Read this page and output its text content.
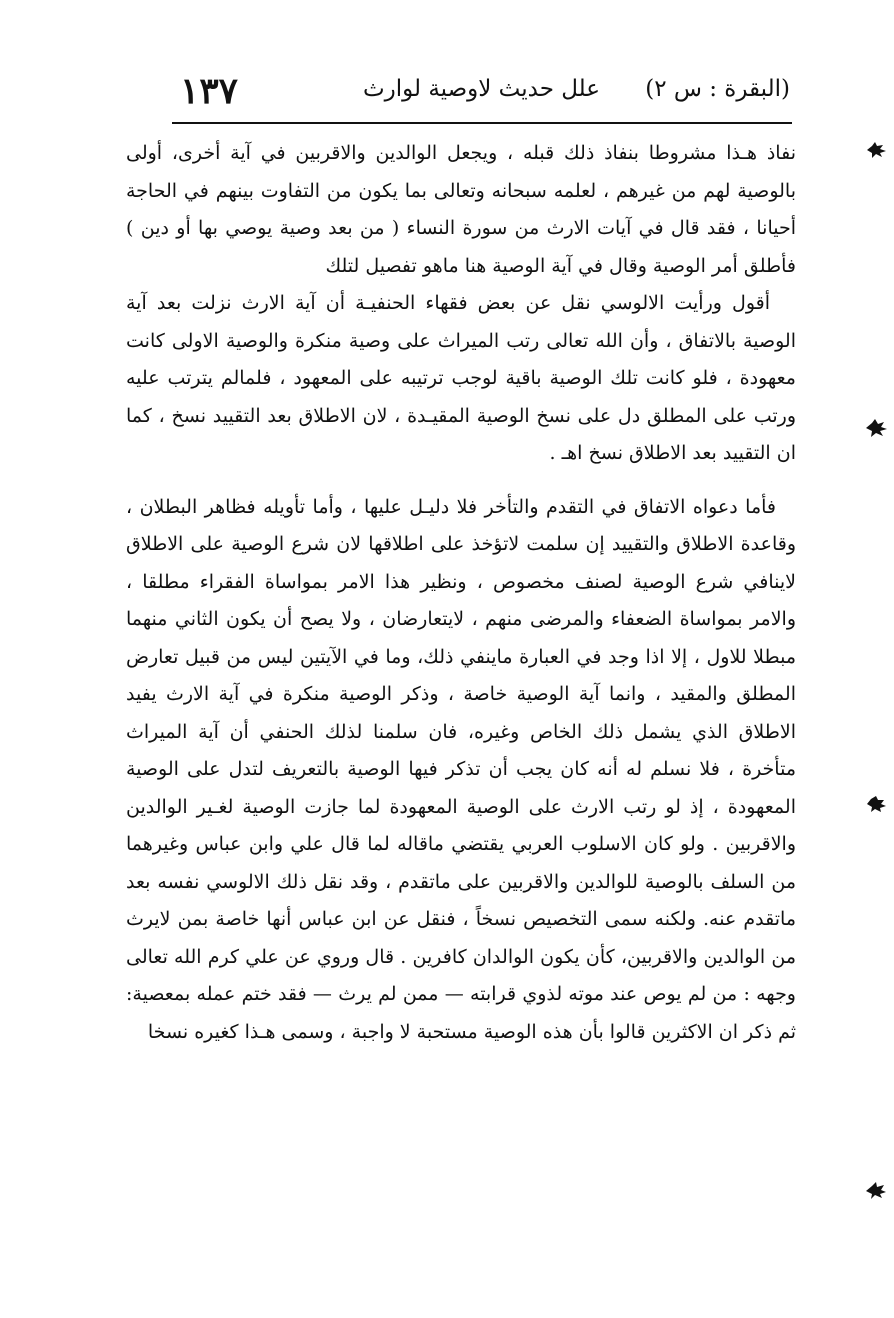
(البقرة : س ٢)
علل حديث لاوصية لوارث
١٣٧

نفاذ هـذا مشروطا بنفاذ ذلك قبله ، ويجعل الوالدين والاقربين في آية أخرى، أولى بالوصية لهم من غيرهم ، لعلمه سبحانه وتعالى بما يكون من التفاوت بينهم في الحاجة أحيانا ، فقد قال في آيات الارث من سورة النساء ( من بعد وصية يوصي بها أو دين ) فأطلق أمر الوصية وقال في آية الوصية هنا ماهو تفصيل لتلك

أقول ورأيت الالوسي نقل عن بعض فقهاء الحنفيـة أن آية الارث نزلت بعد آية الوصية بالاتفاق ، وأن الله تعالى رتب الميراث على وصية منكرة والوصية الاولى كانت معهودة ، فلو كانت تلك الوصية باقية لوجب ترتيبه على المعهود ، فلمالم يترتب عليه ورتب على المطلق دل على نسخ الوصية المقيـدة ، لان الاطلاق بعد التقييد نسخ ، كما ان التقييد بعد الاطلاق نسخ اهـ .

فأما دعواه الاتفاق في التقدم والتأخر فلا دليـل عليها ، وأما تأويله فظاهر البطلان ، وقاعدة الاطلاق والتقييد إن سلمت لاتؤخذ على اطلاقها لان شرع الوصية على الاطلاق لاينافي شرع الوصية لصنف مخصوص ، ونظير هذا الامر بمواساة الفقراء مطلقا ، والامر بمواساة الضعفاء والمرضى منهم ، لايتعارضان ، ولا يصح أن يكون الثاني منهما مبطلا للاول ، إلا اذا وجد في العبارة ماينفي ذلك، وما في الآيتين ليس من قبيل تعارض المطلق والمقيد ، وانما آية الوصية خاصة ، وذكر الوصية منكرة في آية الارث يفيد الاطلاق الذي يشمل ذلك الخاص وغيره، فان سلمنا لذلك الحنفي أن آية الميراث متأخرة ، فلا نسلم له أنه كان يجب أن تذكر فيها الوصية بالتعريف لتدل على الوصية المعهودة ، إذ لو رتب الارث على الوصية المعهودة لما جازت الوصية لغـير الوالدين والاقربين . ولو كان الاسلوب العربي يقتضي ماقاله لما قال علي وابن عباس وغيرهما من السلف بالوصية للوالدين والاقربين على ماتقدم ، وقد نقل ذلك الالوسي نفسه بعد ماتقدم عنه. ولكنه سمى التخصيص نسخاً ، فنقل عن ابن عباس أنها خاصة بمن لايرث من الوالدين والاقربين، كأن يكون الوالدان كافرين . قال وروي عن علي كرم الله تعالى وجهه : من لم يوص عند موته لذوي قرابته — ممن لم يرث — فقد ختم عمله بمعصية: ثم ذكر ان الاكثرين قالوا بأن هذه الوصية مستحبة لا واجبة ، وسمى هـذا كغيره نسخا
